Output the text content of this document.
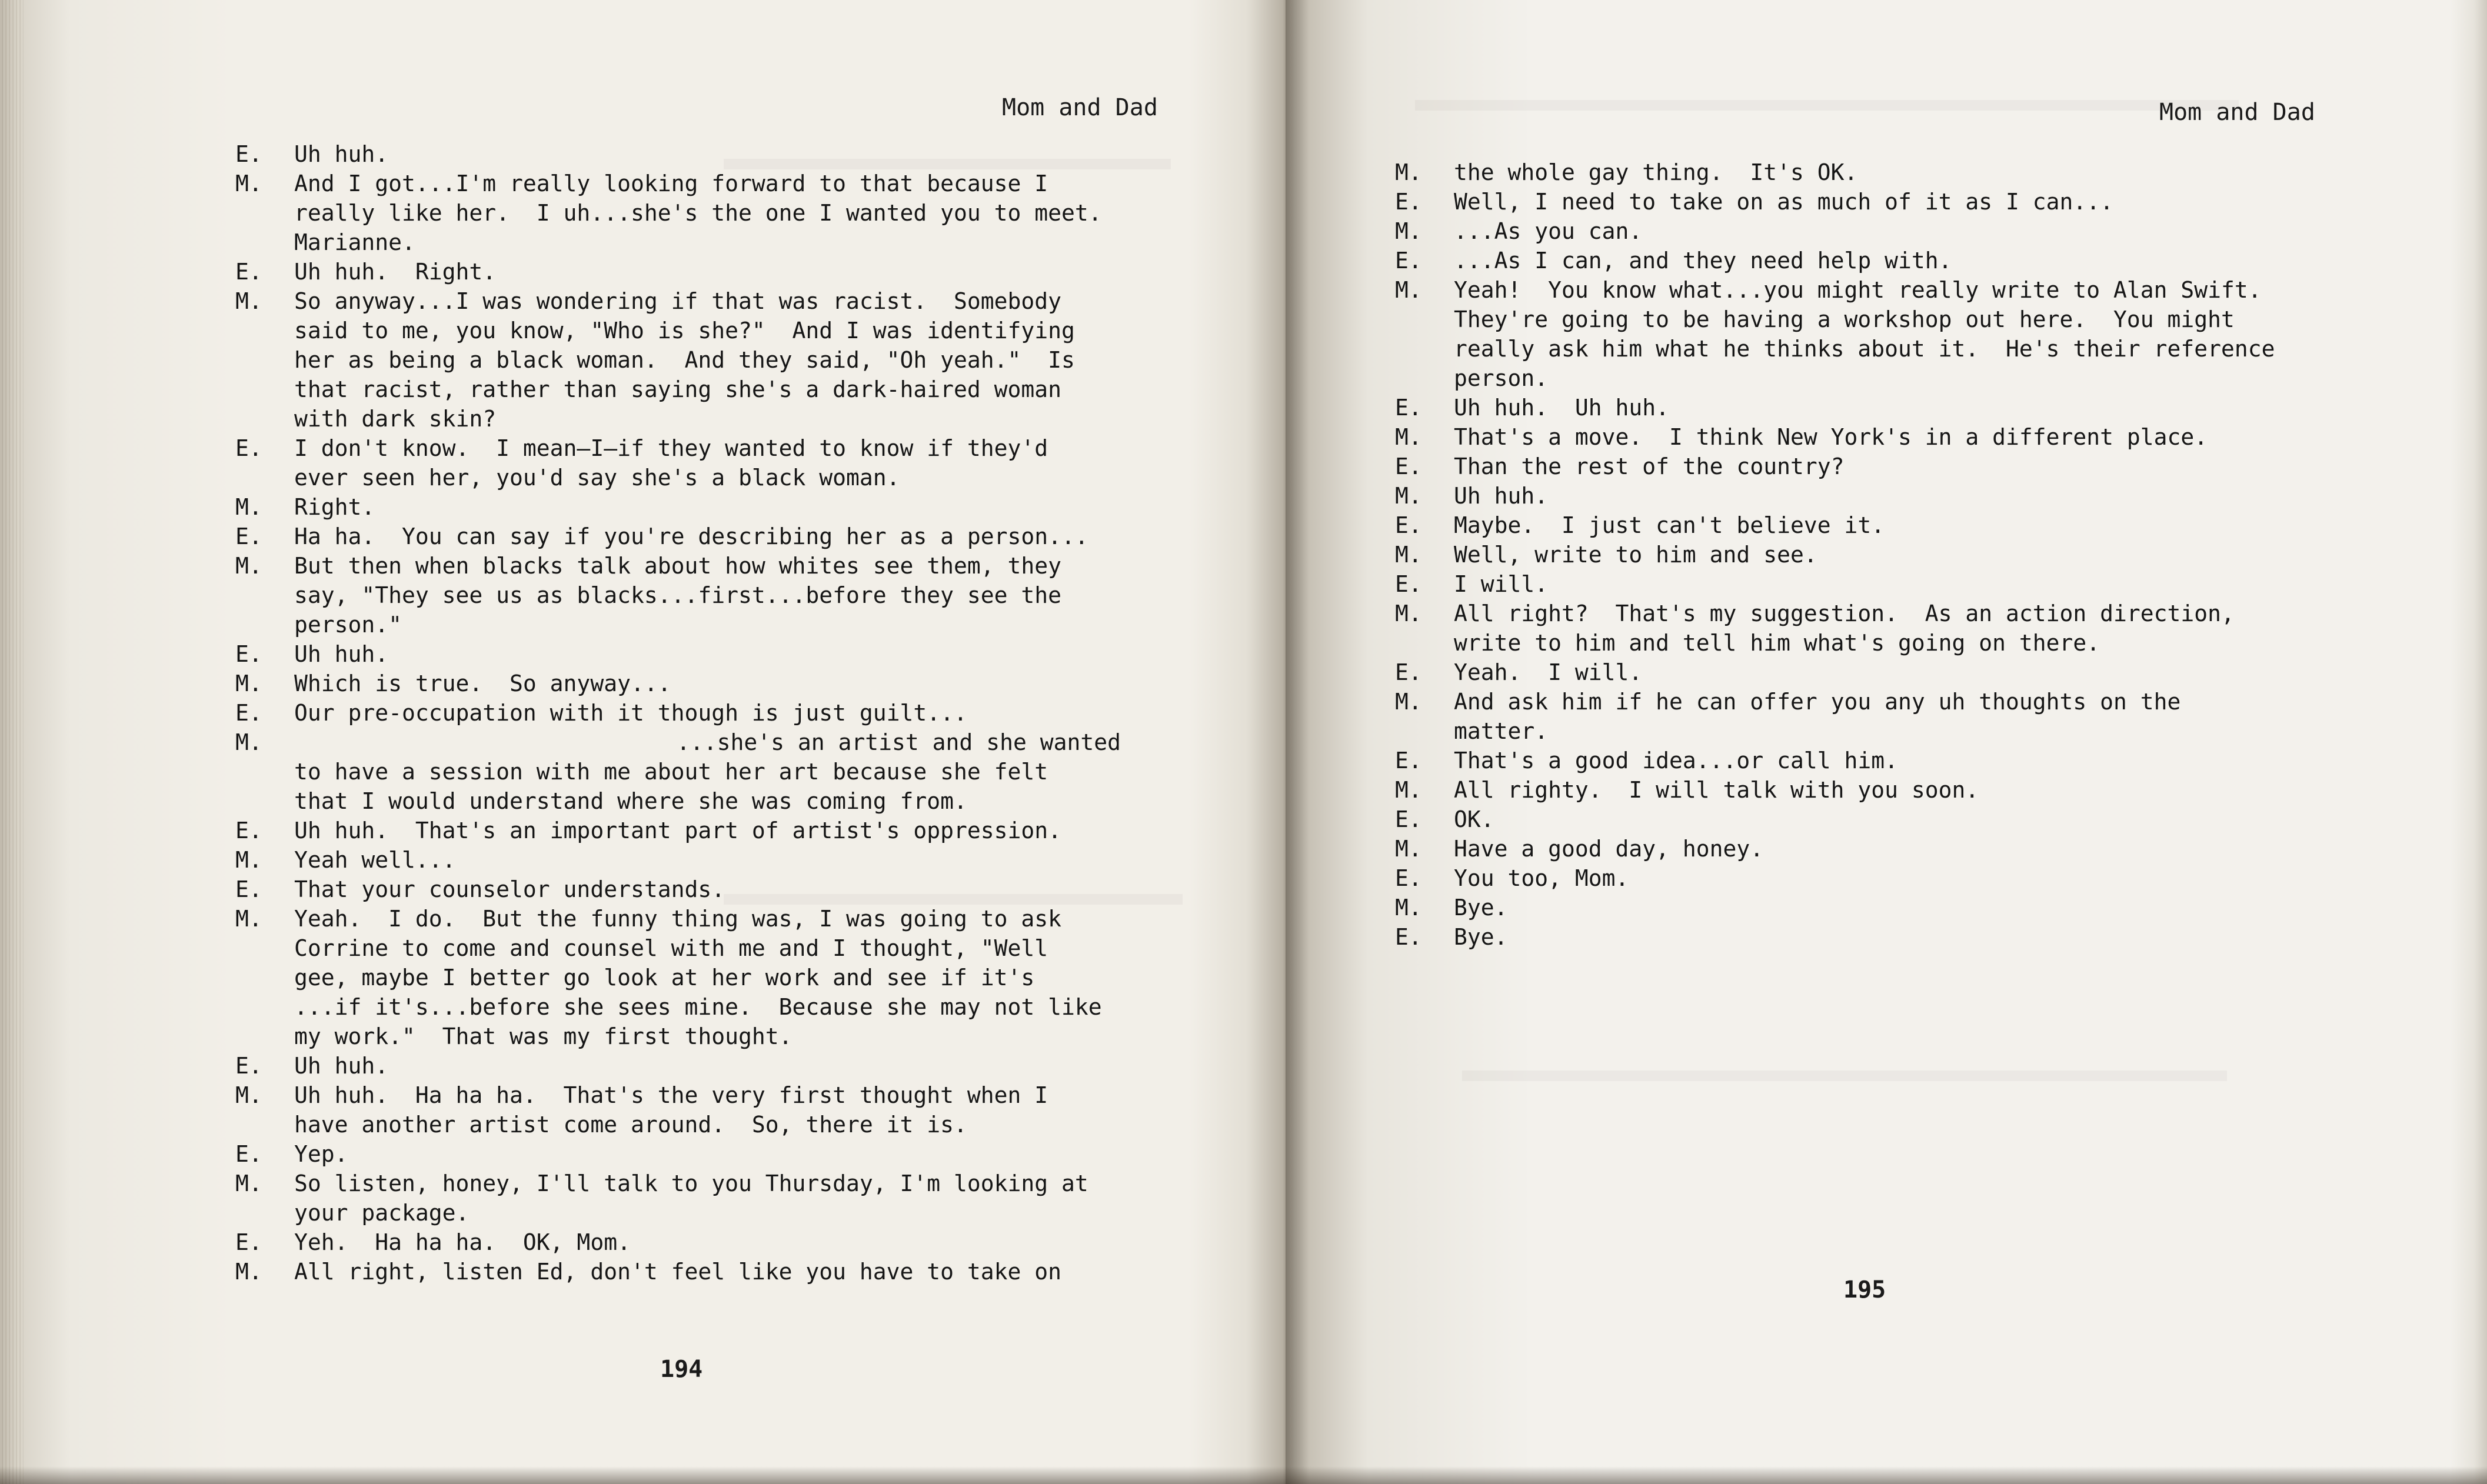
Mom and Dad
E. Uh huh.
M. And I got...I'm really looking forward to that because I
really like her.  I uh...she's the one I wanted you to meet.
Marianne.
E. Uh huh.  Right.
M. So anyway...I was wondering if that was racist.  Somebody
said to me, you know, "Who is she?"  And I was identifying
her as being a black woman.  And they said, "Oh yeah."  Is
that racist, rather than saying she's a dark-haired woman
with dark skin?
E. I don't know.  I mean—I—if they wanted to know if they'd
ever seen her, you'd say she's a black woman.
M. Right.
E. Ha ha.  You can say if you're describing her as a person...
M. But then when blacks talk about how whites see them, they
say, "They see us as blacks...first...before they see the
person."
E. Uh huh.
M. Which is true.  So anyway...
E. Our pre-occupation with it though is just guilt...
M.	...she's an artist and she wanted
to have a session with me about her art because she felt
that I would understand where she was coming from.
E. Uh huh.  That's an important part of artist's oppression.
M. Yeah well...
E. That your counselor understands.
M. Yeah.  I do.  But the funny thing was, I was going to ask
Corrine to come and counsel with me and I thought, "Well
gee, maybe I better go look at her work and see if it's
...if it's...before she sees mine.  Because she may not like
my work."  That was my first thought.
E. Uh huh.
M. Uh huh.  Ha ha ha.  That's the very first thought when I
have another artist come around.  So, there it is.
E. Yep.
M. So listen, honey, I'll talk to you Thursday, I'm looking at
your package.
E. Yeh.  Ha ha ha.  OK, Mom.
M. All right, listen Ed, don't feel like you have to take on
194
Mom and Dad
M. the whole gay thing.  It's OK.
E. Well, I need to take on as much of it as I can...
M. ...As you can.
E. ...As I can, and they need help with.
M. Yeah!  You know what...you might really write to Alan Swift.
They're going to be having a workshop out here.  You might
really ask him what he thinks about it.  He's their reference
person.
E. Uh huh.  Uh huh.
M. That's a move.  I think New York's in a different place.
E. Than the rest of the country?
M. Uh huh.
E. Maybe.  I just can't believe it.
M. Well, write to him and see.
E. I will.
M. All right?  That's my suggestion.  As an action direction,
write to him and tell him what's going on there.
E. Yeah.  I will.
M. And ask him if he can offer you any uh thoughts on the
matter.
E. That's a good idea...or call him.
M. All righty.  I will talk with you soon.
E. OK.
M. Have a good day, honey.
E. You too, Mom.
M. Bye.
E. Bye.
195
